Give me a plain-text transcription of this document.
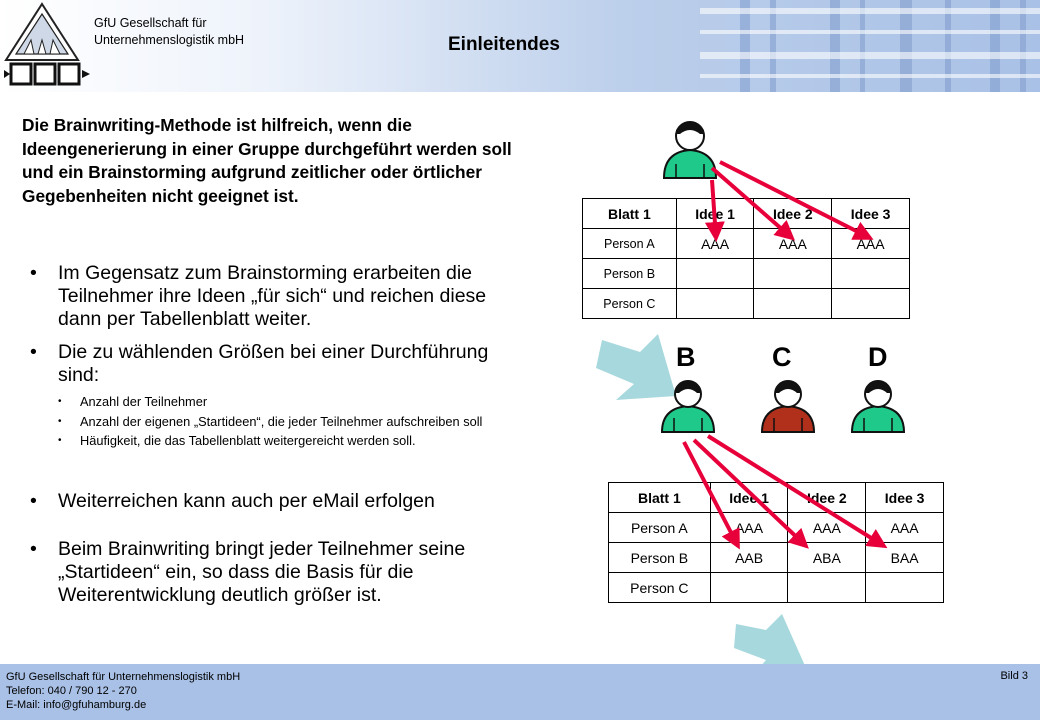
GfU Gesellschaft für
Unternehmenslogistik mbH	Einleitendes
Die Brainwriting-Methode ist hilfreich, wenn die Ideengenerierung in einer Gruppe durchgeführt werden soll und ein Brainstorming aufgrund zeitlicher oder örtlicher Gegebenheiten nicht geeignet ist.
• Im Gegensatz zum Brainstorming erarbeiten die Teilnehmer ihre Ideen „für sich“ und reichen diese dann per Tabellenblatt weiter.
• Die zu wählenden Größen bei einer Durchführung sind:
• Anzahl der Teilnehmer
• Anzahl der eigenen „Startideen“, die jeder Teilnehmer aufschreiben soll
• Häufigkeit, die das Tabellenblatt weitergereicht werden soll.
• Weiterreichen kann auch per eMail erfolgen
• Beim Brainwriting bringt jeder Teilnehmer seine „Startideen“ ein, so dass die Basis für die Weiterentwicklung deutlich größer ist.
B	C	D
Blatt 1	Idee 1	Idee 2	Idee 3
Person A	AAA	AAA	AAA
Person B			
Person C			
Blatt 1	Idee 1	Idee 2	Idee 3
Person A	AAA	AAA	AAA
Person B	AAB	ABA	BAA
Person C			
GfU Gesellschaft für Unternehmenslogistik mbH
Telefon: 040 / 790 12 - 270
E-Mail: info@gfuhamburg.de
Bild 3
